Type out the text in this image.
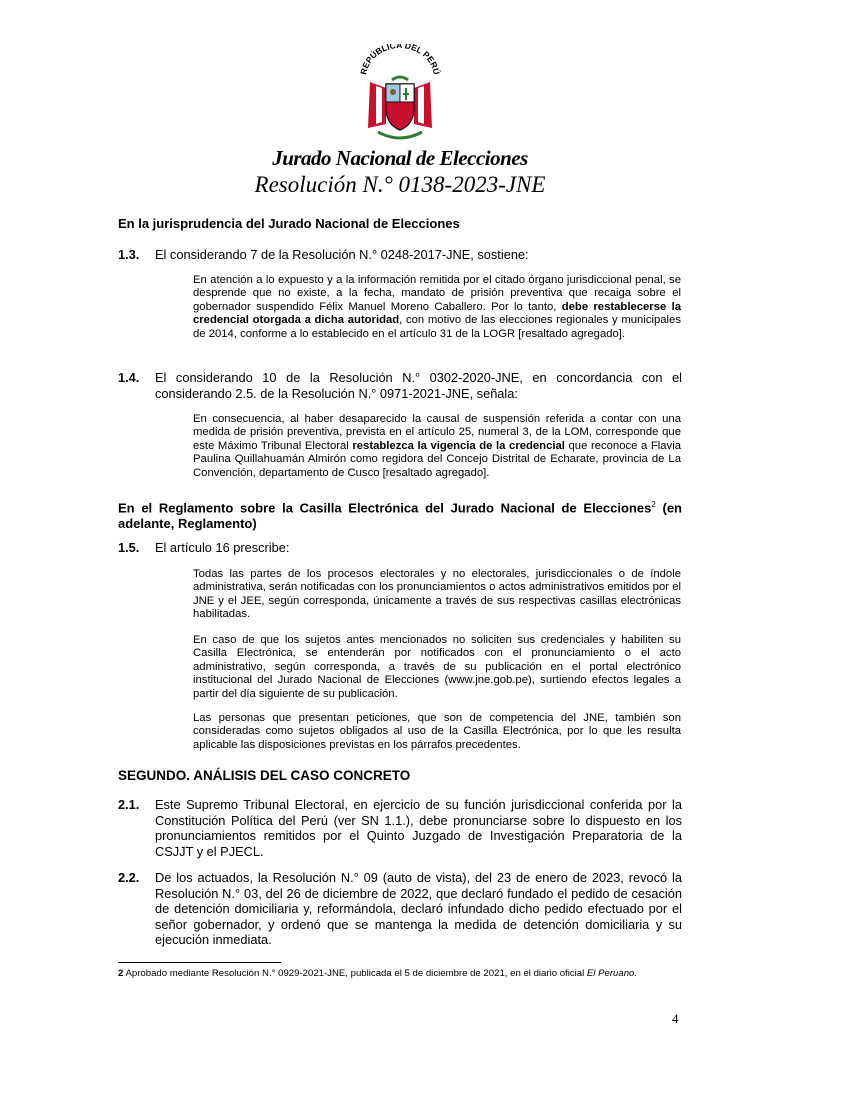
REPÚBLICA DEL PERÚ
Jurado Nacional de Elecciones
Resolución N.° 0138-2023-JNE
En la jurisprudencia del Jurado Nacional de Elecciones
1.3. El considerando 7 de la Resolución N.° 0248-2017-JNE, sostiene:
En atención a lo expuesto y a la información remitida por el citado órgano jurisdiccional penal, se desprende que no existe, a la fecha, mandato de prisión preventiva que recaiga sobre el gobernador suspendido Félix Manuel Moreno Caballero. Por lo tanto, debe restablecerse la credencial otorgada a dicha autoridad, con motivo de las elecciones regionales y municipales de 2014, conforme a lo establecido en el artículo 31 de la LOGR [resaltado agregado].
1.4. El considerando 10 de la Resolución N.° 0302-2020-JNE, en concordancia con el considerando 2.5. de la Resolución N.° 0971-2021-JNE, señala:
En consecuencia, al haber desaparecido la causal de suspensión referida a contar con una medida de prisión preventiva, prevista en el artículo 25, numeral 3, de la LOM, corresponde que este Máximo Tribunal Electoral restablezca la vigencia de la credencial que reconoce a Flavia Paulina Quillahuamán Almirón como regidora del Concejo Distrital de Echarate, provincia de La Convención, departamento de Cusco [resaltado agregado].
En el Reglamento sobre la Casilla Electrónica del Jurado Nacional de Elecciones$^2$ (en adelante, Reglamento)
1.5. El artículo 16 prescribe:
Todas las partes de los procesos electorales y no electorales, jurisdiccionales o de índole administrativa, serán notificadas con los pronunciamientos o actos administrativos emitidos por el JNE y el JEE, según corresponda, únicamente a través de sus respectivas casillas electrónicas habilitadas.
En caso de que los sujetos antes mencionados no soliciten sus credenciales y habiliten su Casilla Electrónica, se entenderán por notificados con el pronunciamiento o el acto administrativo, según corresponda, a través de su publicación en el portal electrónico institucional del Jurado Nacional de Elecciones (www.jne.gob.pe), surtiendo efectos legales a partir del día siguiente de su publicación.
Las personas que presentan peticiones, que son de competencia del JNE, también son consideradas como sujetos obligados al uso de la Casilla Electrónica, por lo que les resulta aplicable las disposiciones previstas en los párrafos precedentes.
SEGUNDO. ANÁLISIS DEL CASO CONCRETO
2.1. Este Supremo Tribunal Electoral, en ejercicio de su función jurisdiccional conferida por la Constitución Política del Perú (ver SN 1.1.), debe pronunciarse sobre lo dispuesto en los pronunciamientos remitidos por el Quinto Juzgado de Investigación Preparatoria de la CSJJT y el PJECL.
2.2. De los actuados, la Resolución N.° 09 (auto de vista), del 23 de enero de 2023, revocó la Resolución N.° 03, del 26 de diciembre de 2022, que declaró fundado el pedido de cesación de detención domiciliaria y, reformándola, declaró infundado dicho pedido efectuado por el señor gobernador, y ordenó que se mantenga la medida de detención domiciliaria y su ejecución inmediata.
2 Aprobado mediante Resolución N.° 0929-2021-JNE, publicada el 5 de diciembre de 2021, en el diario oficial El Peruano.
4
